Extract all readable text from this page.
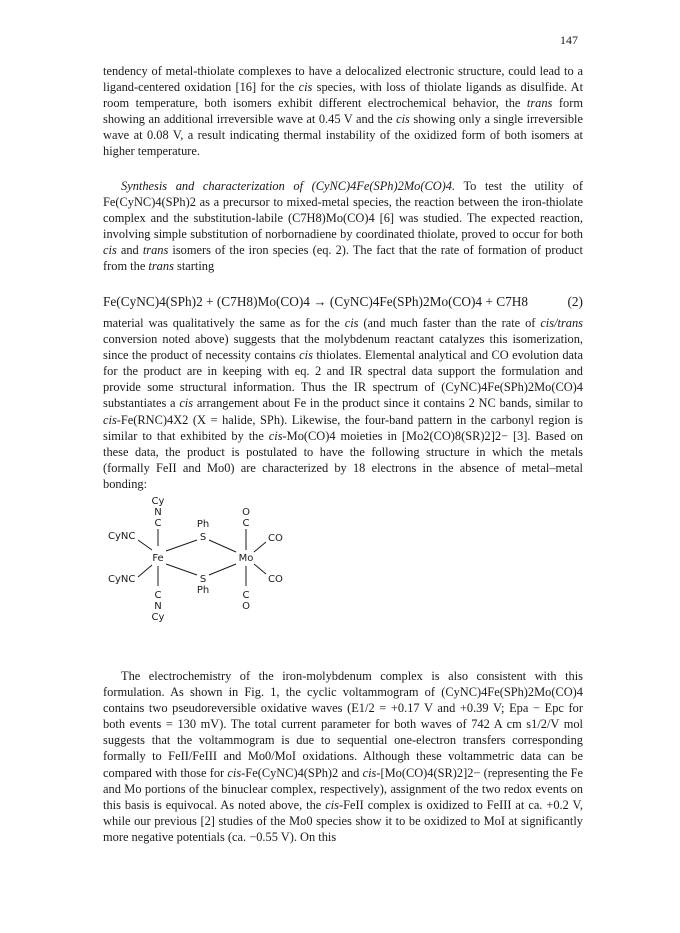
147

tendency of metal-thiolate complexes to have a delocalized electronic structure, could lead to a ligand-centered oxidation [16] for the cis species, with loss of thiolate ligands as disulfide. At room temperature, both isomers exhibit different electrochemical behavior, the trans form showing an additional irreversible wave at 0.45 V and the cis showing only a single irreversible wave at 0.08 V, a result indicating thermal instability of the oxidized form of both isomers at higher temperature.

Synthesis and characterization of (CyNC)4Fe(SPh)2Mo(CO)4. To test the utility of Fe(CyNC)4(SPh)2 as a precursor to mixed-metal species, the reaction between the iron-thiolate complex and the substitution-labile (C7H8)Mo(CO)4 [6] was studied. The expected reaction, involving simple substitution of norbornadiene by coordinated thiolate, proved to occur for both cis and trans isomers of the iron species (eq. 2). The fact that the rate of formation of product from the trans starting

Fe(CyNC)4(SPh)2 + (C7H8)Mo(CO)4 → (CyNC)4Fe(SPh)2Mo(CO)4 + C7H8	(2)

material was qualitatively the same as for the cis (and much faster than the rate of cis/trans conversion noted above) suggests that the molybdenum reactant catalyzes this isomerization, since the product of necessity contains cis thiolates. Elemental analytical and CO evolution data for the product are in keeping with eq. 2 and IR spectral data support the formulation and provide some structural information. Thus the IR spectrum of (CyNC)4Fe(SPh)2Mo(CO)4 substantiates a cis arrangement about Fe in the product since it contains 2 NC bands, similar to cis-Fe(RNC)4X2 (X = halide, SPh). Likewise, the four-band pattern in the carbonyl region is similar to that exhibited by the cis-Mo(CO)4 moieties in [Mo2(CO)8(SR)2]2− [3]. Based on these data, the product is postulated to have the following structure in which the metals (formally FeII and Mo0) are characterized by 18 electrons in the absence of metal–metal bonding:

Cy
N
C
CyNC
CyNC
Fe
Ph
S
S
Ph
Mo
O
C
CO
CO
C
N
Cy
C
O

The electrochemistry of the iron-molybdenum complex is also consistent with this formulation. As shown in Fig. 1, the cyclic voltammogram of (CyNC)4Fe(SPh)2Mo(CO)4 contains two pseudoreversible oxidative waves (E1/2 = +0.17 V and +0.39 V; Epa − Epc for both events = 130 mV). The total current parameter for both waves of 742 A cm s1/2/V mol suggests that the voltammogram is due to sequential one-electron transfers corresponding formally to FeII/FeIII and Mo0/MoI oxidations. Although these voltammetric data can be compared with those for cis-Fe(CyNC)4(SPh)2 and cis-[Mo(CO)4(SR)2]2− (representing the Fe and Mo portions of the binuclear complex, respectively), assignment of the two redox events on this basis is equivocal. As noted above, the cis-FeII complex is oxidized to FeIII at ca. +0.2 V, while our previous [2] studies of the Mo0 species show it to be oxidized to MoI at significantly more negative potentials (ca. −0.55 V). On this
